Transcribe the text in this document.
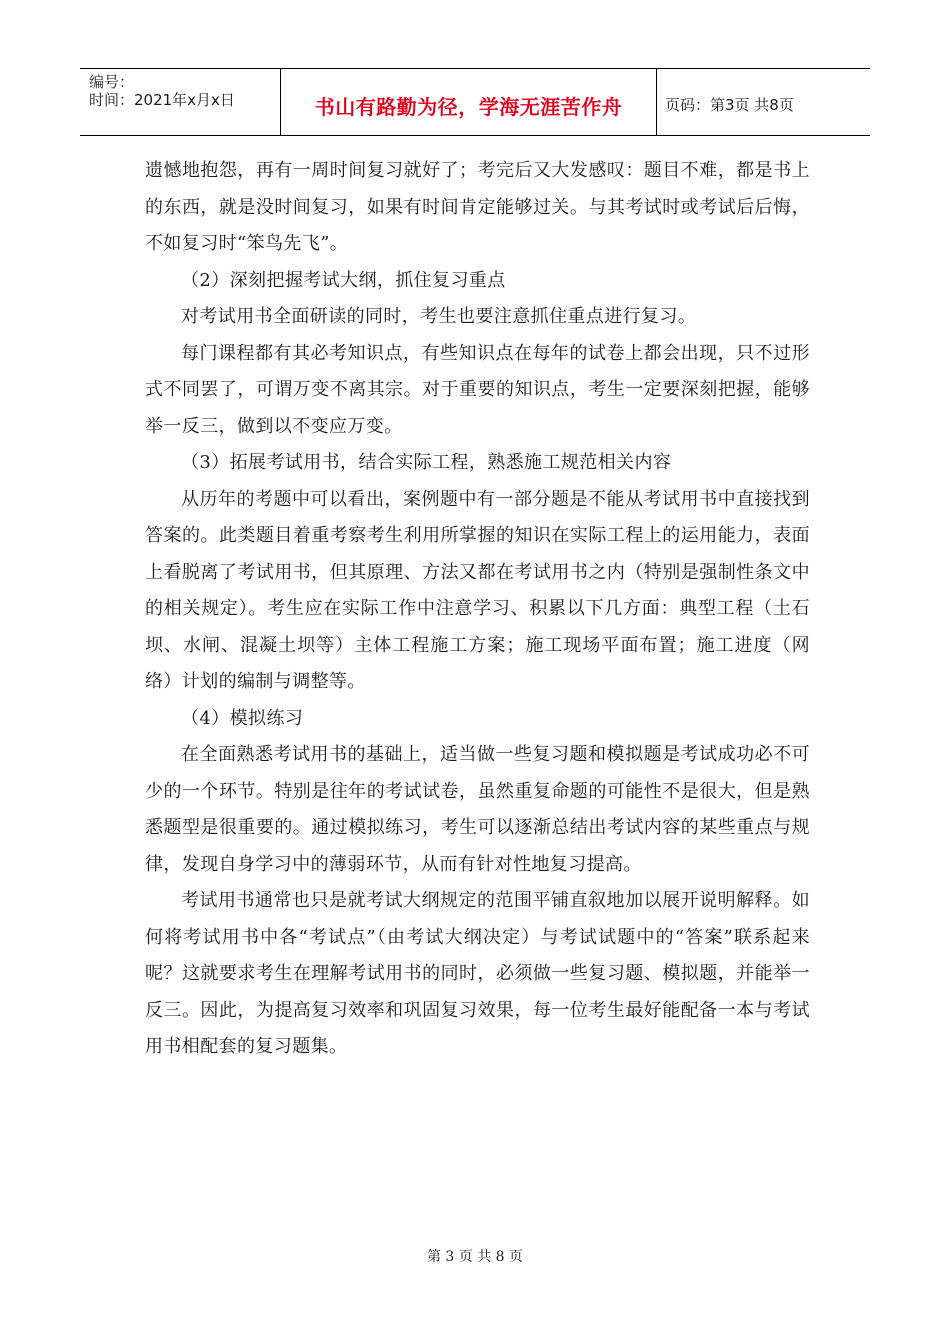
编号：
时间：2021年x月x日	书山有路勤为径，学海无涯苦作舟	页码：第3页 共8页

遗憾地抱怨，再有一周时间复习就好了；考完后又大发感叹：题目不难，都是书上的东西，就是没时间复习，如果有时间肯定能够过关。与其考试时或考试后后悔，不如复习时“笨鸟先飞”。

（2）深刻把握考试大纲，抓住复习重点

对考试用书全面研读的同时，考生也要注意抓住重点进行复习。

每门课程都有其必考知识点，有些知识点在每年的试卷上都会出现，只不过形式不同罢了，可谓万变不离其宗。对于重要的知识点，考生一定要深刻把握，能够举一反三，做到以不变应万变。

（3）拓展考试用书，结合实际工程，熟悉施工规范相关内容

从历年的考题中可以看出，案例题中有一部分题是不能从考试用书中直接找到答案的。此类题目着重考察考生利用所掌握的知识在实际工程上的运用能力，表面上看脱离了考试用书，但其原理、方法又都在考试用书之内（特别是强制性条文中的相关规定）。考生应在实际工作中注意学习、积累以下几方面：典型工程（土石坝、水闸、混凝土坝等）主体工程施工方案；施工现场平面布置；施工进度（网络）计划的编制与调整等。

（4）模拟练习

在全面熟悉考试用书的基础上，适当做一些复习题和模拟题是考试成功必不可少的一个环节。特别是往年的考试试卷，虽然重复命题的可能性不是很大，但是熟悉题型是很重要的。通过模拟练习，考生可以逐渐总结出考试内容的某些重点与规律，发现自身学习中的薄弱环节，从而有针对性地复习提高。

考试用书通常也只是就考试大纲规定的范围平铺直叙地加以展开说明解释。如何将考试用书中各“考试点”（由考试大纲决定）与考试试题中的“答案”联系起来呢？这就要求考生在理解考试用书的同时，必须做一些复习题、模拟题，并能举一反三。因此，为提高复习效率和巩固复习效果，每一位考生最好能配备一本与考试用书相配套的复习题集。

第 3 页 共 8 页
